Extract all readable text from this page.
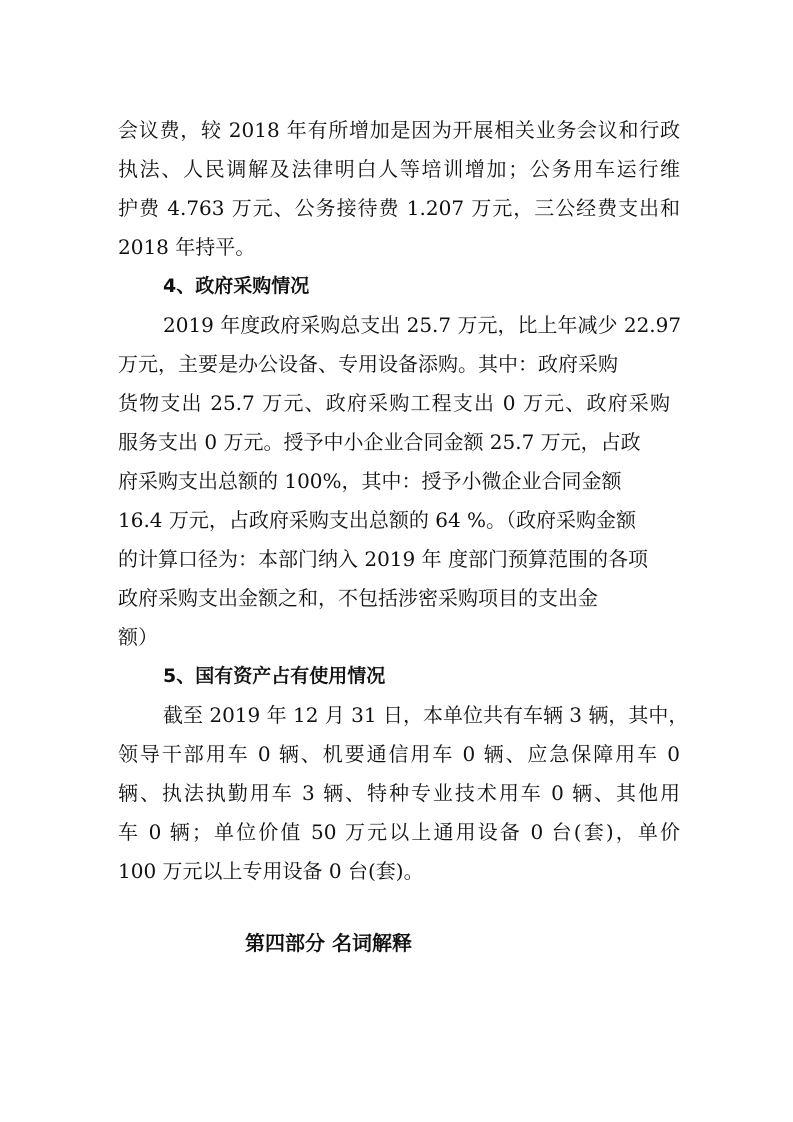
会议费，较 2018 年有所增加是因为开展相关业务会议和行政
执法、人民调解及法律明白人等培训增加；公务用车运行维
护费 4.763 万元、公务接待费 1.207 万元，三公经费支出和
2018 年持平。
4、政府采购情况
2019 年度政府采购总支出 25.7 万元，比上年减少 22.97
万元，主要是办公设备、专用设备添购。其中：政府采购
货物支出 25.7 万元、政府采购工程支出 0 万元、政府采购
服务支出 0 万元。授予中小企业合同金额 25.7 万元，占政
府采购支出总额的 100%，其中：授予小微企业合同金额
16.4 万元，占政府采购支出总额的 64 %。（政府采购金额
的计算口径为：本部门纳入 2019 年 度部门预算范围的各项
政府采购支出金额之和，不包括涉密采购项目的支出金
额）
5、国有资产占有使用情况
截至 2019 年 12 月 31 日，本单位共有车辆 3 辆，其中，
领导干部用车 0 辆、机要通信用车 0 辆、应急保障用车 0
辆、执法执勤用车 3 辆、特种专业技术用车 0 辆、其他用
车 0 辆；单位价值 50 万元以上通用设备 0 台(套)，单价
100 万元以上专用设备 0 台(套)。
第四部分 名词解释
